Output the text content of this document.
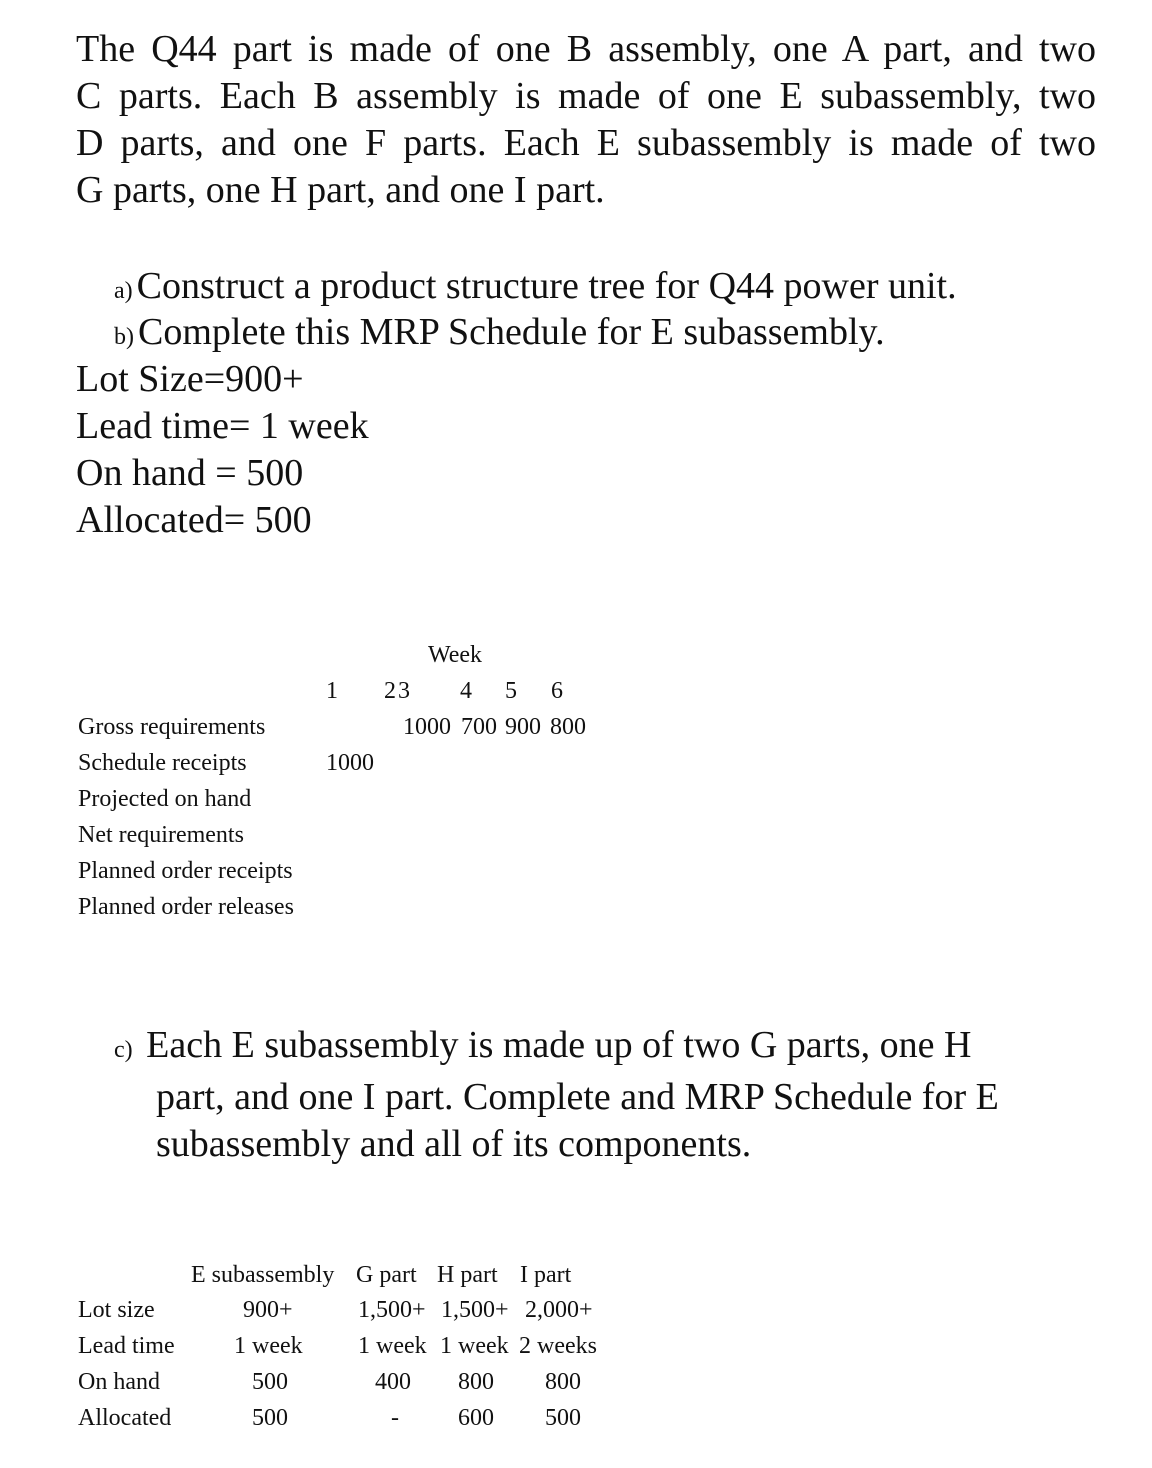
The Q44 part is made of one B assembly, one A part, and two
C parts. Each B assembly is made of one E subassembly, two
D parts, and one F parts. Each E subassembly is made of two
G parts, one H part, and one I part.
a) Construct a product structure tree for Q44 power unit.
b) Complete this MRP Schedule for E subassembly.
Lot Size=900+
Lead time= 1 week
On hand = 500
Allocated= 500
Week
1 2 3 4 5 6
Gross requirements
Schedule receipts
Projected on hand
Net requirements
Planned order receipts
Planned order releases
1000 700 900 800
1000
c) Each E subassembly is made up of two G parts, one H
part, and one I part. Complete and MRP Schedule for E
subassembly and all of its components.
E subassembly G part H part I part
Lot size
Lead time
On hand
Allocated
900+
1 week
500
500
1,500+
1 week
400
-
1,500+
1 week
800
600
2,000+
2 weeks
800
500
